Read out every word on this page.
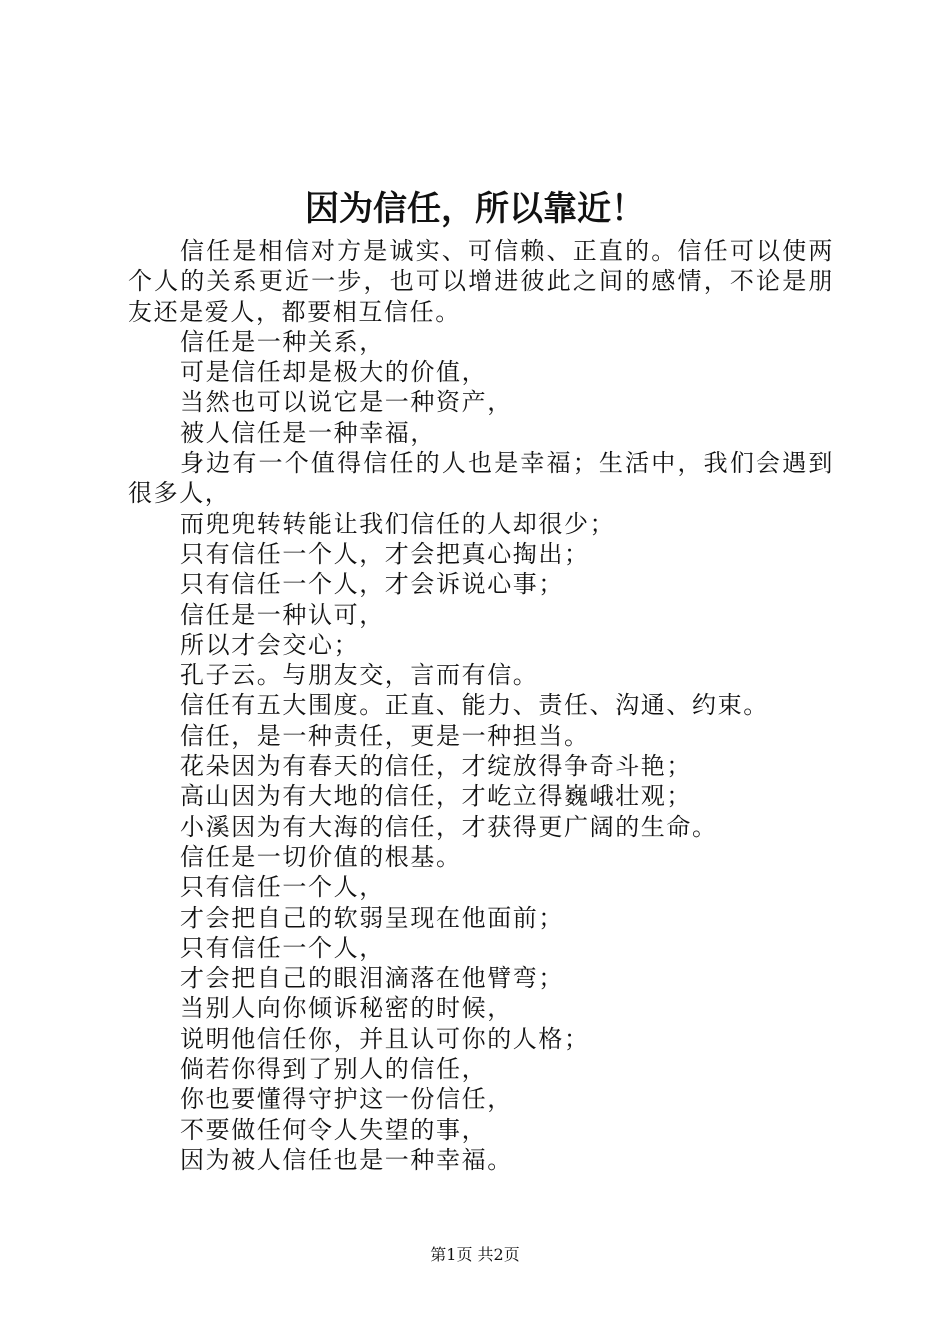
因为信任，所以靠近！

信任是相信对方是诚实、可信赖、正直的。信任可以使两个人的关系更近一步，也可以增进彼此之间的感情，不论是朋友还是爱人，都要相互信任。

信任是一种关系，

可是信任却是极大的价值，

当然也可以说它是一种资产，

被人信任是一种幸福，

身边有一个值得信任的人也是幸福；生活中，我们会遇到很多人，

而兜兜转转能让我们信任的人却很少；

只有信任一个人，才会把真心掏出；

只有信任一个人，才会诉说心事；

信任是一种认可，

所以才会交心；

孔子云。与朋友交，言而有信。

信任有五大围度。正直、能力、责任、沟通、约束。

信任，是一种责任，更是一种担当。

花朵因为有春天的信任，才绽放得争奇斗艳；

高山因为有大地的信任，才屹立得巍峨壮观；

小溪因为有大海的信任，才获得更广阔的生命。

信任是一切价值的根基。

只有信任一个人，

才会把自己的软弱呈现在他面前；

只有信任一个人，

才会把自己的眼泪滴落在他臂弯；

当别人向你倾诉秘密的时候，

说明他信任你，并且认可你的人格；

倘若你得到了别人的信任，

你也要懂得守护这一份信任，

不要做任何令人失望的事，

因为被人信任也是一种幸福。

第1页 共2页
